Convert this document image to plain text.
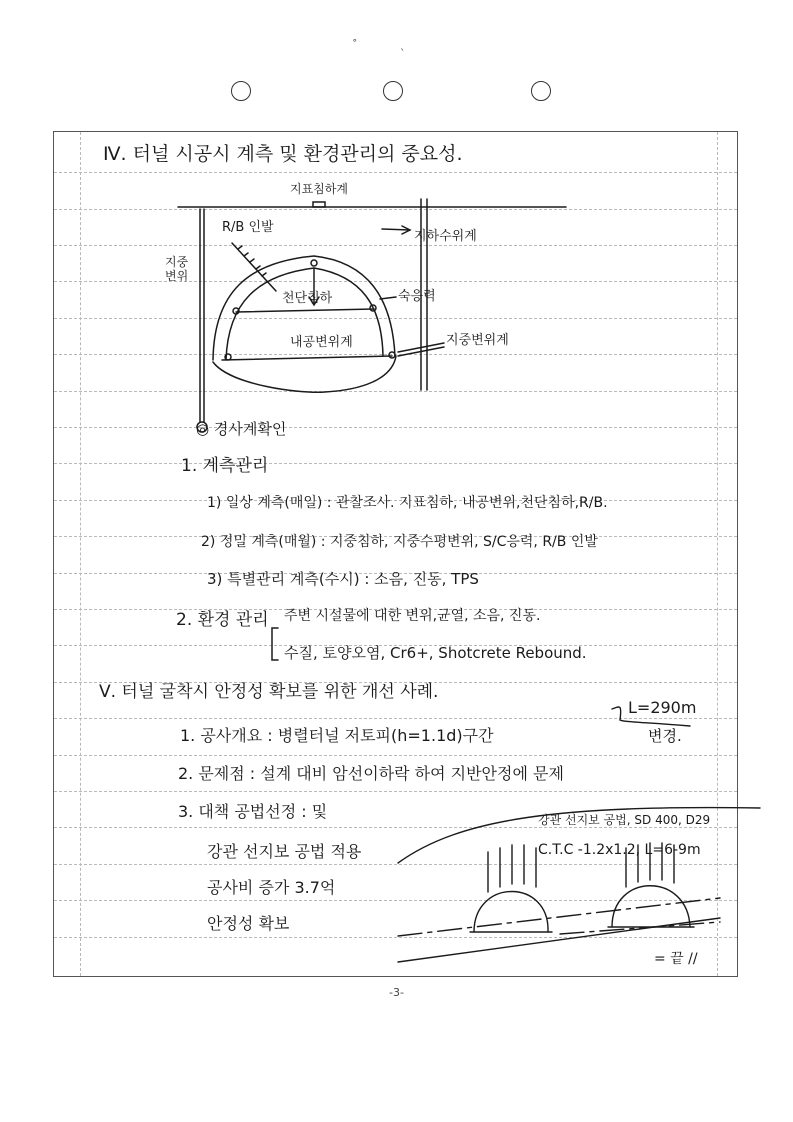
˚	ˎ
Ⅳ. 터널 시공시 계측 및 환경관리의 중요성.
지표침하계
R/B 인발
지하수위계
지중
변위
천단침하	숙응력
내공변위계	지중변위계
◎ 경사계확인
1. 계측관리
1) 일상 계측(매일) : 관찰조사. 지표침하, 내공변위,천단침하,R/B.
2) 정밀 계측(매월) : 지중침하, 지중수평변위, S/C응력, R/B 인발
3) 특별관리 계측(수시) : 소음, 진동, TPS
2. 환경 관리 주변 시설물에 대한 변위,균열, 소음, 진동.
수질, 토양오염, Cr6+, Shotcrete Rebound.
Ⅴ. 터널 굴착시 안정성 확보를 위한 개선 사례.
L=290m
1. 공사개요 : 병렬터널 저토피(h=1.1d)구간	변경.
2. 문제점 : 설계 대비 암선이하락 하여 지반안정에 문제
3. 대책 공법선정 : 및
강관 선지보 공법 적용
공사비 증가 3.7억
안정성 확보
강관 선지보 공법, SD 400, D29
C.T.C -1.2x1.2, L=6-9m
= 끝 //
-3-
